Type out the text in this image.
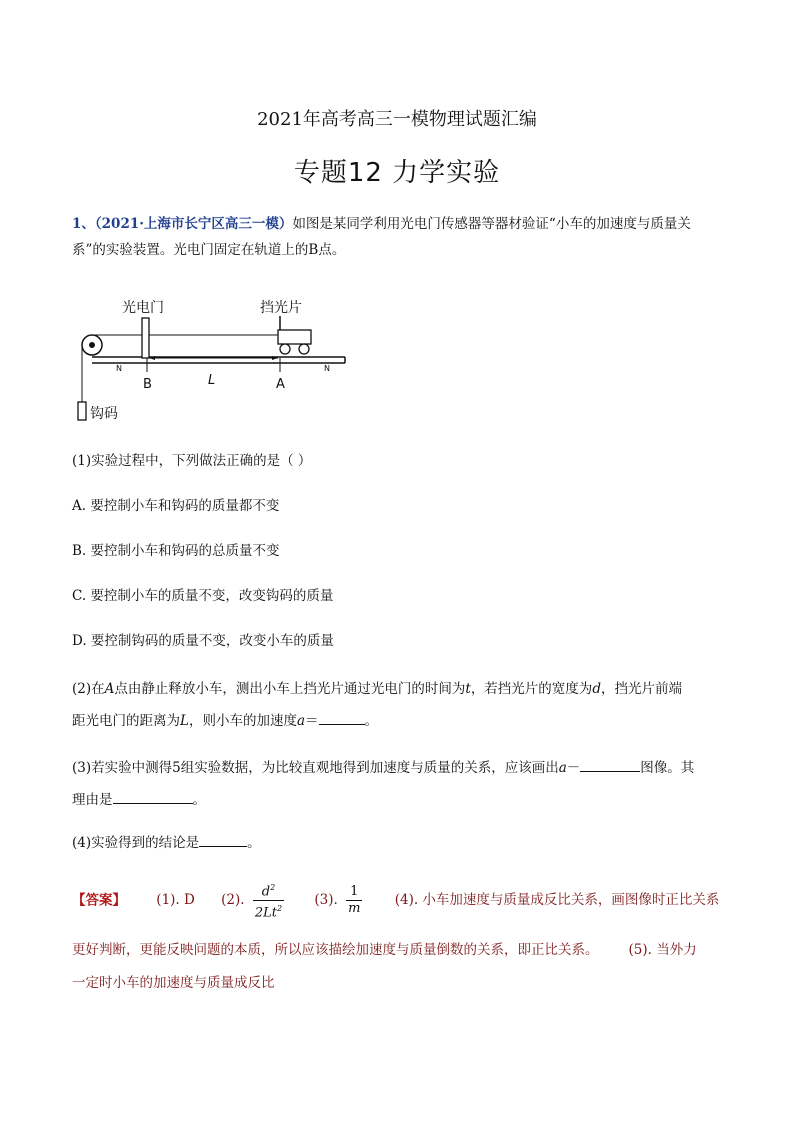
2021年高考高三一模物理试题汇编
专题12 力学实验
1、（2021·上海市长宁区高三一模）如图是某同学利用光电门传感器等器材验证“小车的加速度与质量关
系”的实验装置。光电门固定在轨道上的B点。
光电门	挡光片
N	N
钩码
B	L	A
(1)实验过程中，下列做法正确的是（ ）
A. 要控制小车和钩码的质量都不变
B. 要控制小车和钩码的总质量不变
C. 要控制小车的质量不变，改变钩码的质量
D. 要控制钩码的质量不变，改变小车的质量
(2)在A点由静止释放小车，测出小车上挡光片通过光电门的时间为t，若挡光片的宽度为d，挡光片前端
距光电门的距离为L，则小车的加速度a＝	。
(3)若实验中测得5组实验数据，为比较直观地得到加速度与质量的关系，应该画出a－	图像。其
理由是	。
(4)实验得到的结论是	。
【答案】 (1). D (2). $\frac{d^2}{2Lt^2} (3)$. $\frac{1}{m} (4)$. 小车加速度与质量成反比关系，画图像时正比关系
更好判断，更能反映问题的本质，所以应该描绘加速度与质量倒数的关系，即正比关系。 (5). 当外力
一定时小车的加速度与质量成反比
